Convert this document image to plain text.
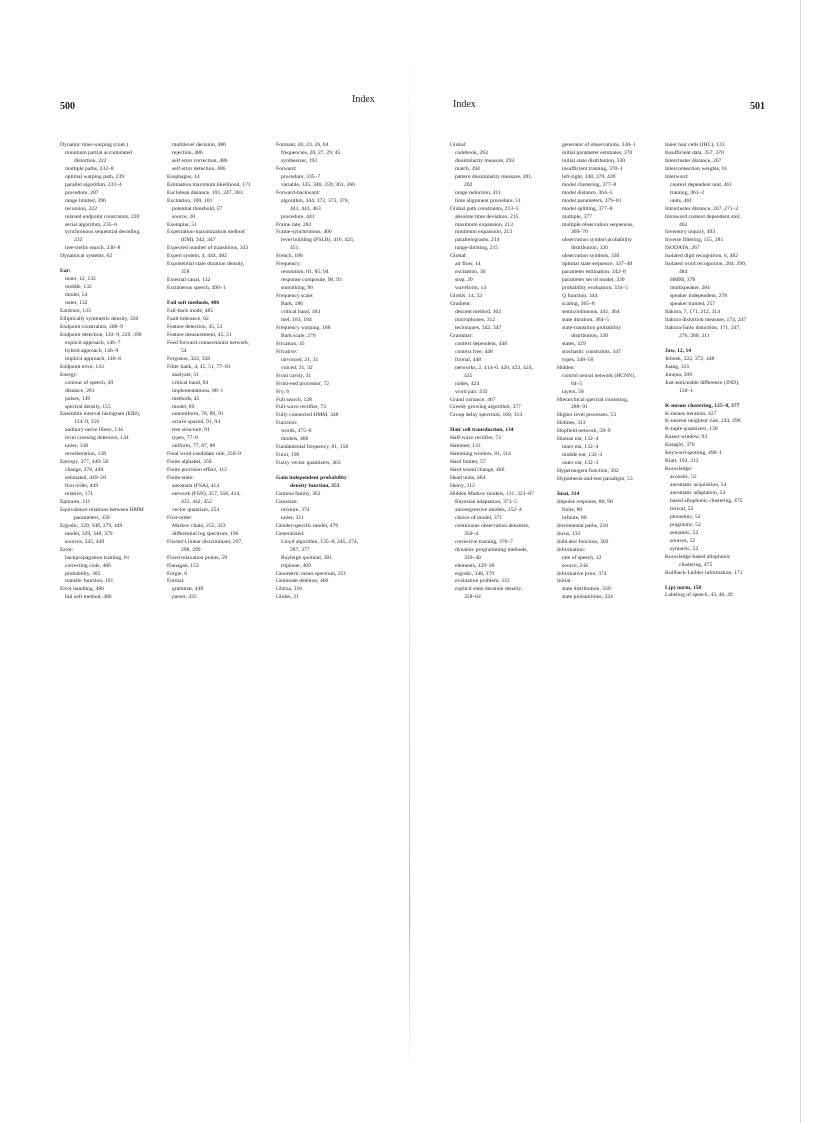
500
Index	Index	501
Dynamic time-warping (cont.)
minimum partial accumulated
distortion, 222
multiple paths, 232–8
optimal warping path, 239
parallel algorithm, 233–4
procedure, 287
range limited, 396
recursion, 222
relaxed endpoint constraints, 230
serial algorithm, 235–6
synchronous sequential decoding,
232
tree-trellis search, 236–8
Dynamical systems, 62
Ear:
inner, 12, 132
middle, 132
model, 54
outer, 132
Eardrum, 133
Elliptically symmetric density, 350
Endpoint constraints, 208–9
Endpoint detection, 143–9, 229, 390
explicit approach, 146–7
hybrid approach, 146–9
implicit approach, 146–8
Endpoint error, 143
Energy:
contour of speech, 49
distance, 281
pulses, 149
spectral density, 155
Ensemble interval histogram (EIH),
134–9, 316
auditory nerve fibers, 134
level crossing detectors, 134
noise, 138
reverberation, 138
Entropy, 377, 449–50
change, 378, 449
estimated, 449–50
first order, 449
relative, 171
Ephraim, 311
Equivalence relations between HMM
parameters, 358
Ergodic, 329, 348, 379, 449
model, 329, 348, 379
sources, 245, 449
Error:
backpropagation training, 61
correcting code, 486
probability, 305
transfer function, 101
Error handling, 486
fail soft method, 486
multilevel decision, 486
rejection, 486
self error correction, 486
self error detection, 486
Esophagus, 14
Estimation maximum likelihood, 171
Euclidean distance, 191, 247, 383
Excitation, 100, 101
potential threshold, 57
source, 20
Exemplar, 51
Expectation-maximization method
(EM), 342, 347
Expected number of transitions, 343
Expert system, 4, 444, 482
Exponential state duration density,
358
External canal, 132
Extraneous speech, 490–1
Fail soft methods, 486
Fall-back mode, 485
Fault tolerance, 62
Feature detection, 45, 53
Feature measurement, 45, 51
Feed forward connectionist network,
54
Ferguson, 322, 358
Filter bank, 4, 45, 51, 77–81
analyzer, 51
critical band, 94
implementations, 80–1
methods, 45
model, 69
nonuniform, 78, 89, 91
octave spaced, 91, 94
tree structure, 91
types, 77–9
uniform, 77, 87, 88
Final word candidate rule, 258–9
Finite alphabet, 350
Finite precision effect, 112
Finite-state:
automata (FSA), 414
network (FSN), 357, 358, 414,
435, 442, 452
vector quantizer, 254
First-order:
Markov chain, 255, 323
differential log spectrum, 196
Fischer's linear discriminant, 297,
298, 299
Fixed relaxation points, 59
Flanagan, 153
Forgie, 6
Formal:
grammar, 448
parser, 435
Formant, 20, 23, 26, 84
frequencies, 20, 27, 29, 45
synthesizer, 192
Forward:
procedure, 335–7
variable, 335, 346, 359, 361, 366
Forward-backward:
algorithm, 344, 372, 373, 376,
441, 443, 463
procedure, 441
Frame rate, 282
Frame-synchronous, 400
level building (FSLB), 416, 423,
451
French, 186
Frequency:
resolution, 81, 85, 94
response composite, 90, 93
smoothing, 96
Frequency scale:
Bark, 186
critical band, 184
mel, 183, 184
Frequency warping, 188
Bark scale, 276
Frication, 45
Fricative:
unvoiced, 21, 31
voiced, 21, 32
Front cavity, 31
Front-end processor, 72
Fry, 6
Full search, 128
Full-wave rectifier, 73
Fully connected HMM, 348
Function:
words, 475–6
models, 460
Fundamental frequency, 81, 158
Furui, 196
Fuzzy vector quantizers, 463
Gain independent probability
density function, 353
Gamma family, 362
Gaussian:
mixture, 374
noise, 311
Gender-specific model, 476
Generalized:
Lloyd algorithm, 125–8, 245, 274,
287, 377
Rayleigh quotient, 301
triphone, 469
Geometric mean spectrum, 251
Geminate deletion, 466
Ghitza, 316
Glides, 21
Global:
codebook, 263
dissimilarity measure, 293
match, 394
pattern dissimilarity measure, 201,
202
range reduction, 411
time alignment procedure, 51
Global path constraints, 213–5
absolute time deviation, 215
maximum expansion, 213
minimum expansion, 213
parallelograms, 214
range-limiting, 215
Glottal:
air flow, 14
excitation, 30
stop, 20
waveform, 14
Glottis, 14, 32
Gradient:
descent method, 303
microphones, 312
techniques, 342, 347
Grammar:
context dependent, 448
context free, 448
formal, 448
networks, 2, 414–6, 420, 423, 424,
435
nodes, 424
word pair, 435
Grand variance, 467
Greedy growing algorithm, 377
Group delay spectrum, 168, 314
Hair cell transduction, 134
Half-wave rectifier, 73
Hammer, 133
Hamming window, 81, 114
Hard limiter, 57
Hard sound change, 466
Head units, 464
Henry, 312
Hidden Markov models, 131, 321–87
Bayesian adaptation, 373–5
autoregressive models, 352–4
choice of model, 371
continuous observation densities,
350–4
corrective training, 376–7
dynamic programming methods,
339–40
elements, 329–30
ergodic, 348, 379
evaluation problem, 333
explicit state duration density,
358–64
generator of observations, 330–1
initial parameter estimates, 370
initial state distribution, 330
insufficient training, 370–1
left-right, 348, 379, 439
model clustering, 377–8
model distance, 364–5
model parameters, 379–81
model splitting, 377–8
multiple, 377
multiple observation sequences,
369–70
observation symbol probability
distribution, 330
observation symbols, 330
optimal state sequence, 337–40
parameter estimation, 342–8
parameter set of model, 330
probability evaluation, 334–5
Q function, 344
scaling, 365–8
semicontinuous, 441, 464
state duration, 384–5
state-transition probability
distribution, 330
states, 329
stochastic constraints, 347
types, 348–50
Hidden:
control neural network (HCNN),
64–5
layers, 58
Hierarchical spectral clustering,
288–91
Higher level processes, 53
Holmes, 313
Hopfield network, 58–9
Human ear, 132–4
inner ear, 132–4
middle ear, 132–3
outer ear, 132–3
Hypertangent function, 302
Hypothesis-and-test paradigm, 53
Imai, 314
Impulse response, 80, 90
finite, 80
infinite, 80
Incremental paths, 210
Incus, 133
Indicator function, 303
Information:
rate of speech, 12
source, 244
Informative prior, 374
Initial:
state distribution, 330
state probabilities, 324
Inner hair cells (IHC), 133
Insufficient data, 357, 370
Intercluster distance, 267
Interconnection weights, 61
Interword:
context dependent unit, 461
training, 461–2
units, 461
Intracluster distance, 267, 271–2
Intraword context dependent unit,
462
Inventory inquiry, 493
Inverse filtering, 155, 281
ISODATA, 267
Isolated digit recognition, 6, 482
Isolated word recognition, 284, 390,
484
HMM, 378
multispeaker, 284
speaker independent, 278
speaker trained, 257
Itakura, 7, 171, 212, 314
Itakura distortion measure, 174, 247
Itakura-Saito distortion, 171, 247,
276, 280, 311
Jaw, 12, 14
Jelinek, 322, 372, 448
Juang, 315
Junqua, 309
Just-noticeable difference (JND),
150–1
K-means clustering, 125–8, 377
K-means iteration, 427
K-nearest neighbor rule, 243, 296
K-tuple quantizers, 130
Kaiser window, 93
Katagiri, 376
Keyword spotting, 490–1
Klatt, 192, 312
Knowledge:
acoustic, 52
automatic acquisition, 54
automatic adaptation, 54
based allophonic clustering, 475
lexical, 52
phonemic, 52
pragmatic, 52
semantic, 52
sources, 52
syntactic, 52
Knowledge-based allophonic
clustering, 475
Kullback-Leibler information, 171
L(p) norm, 158
Labeling of speech, 43, 46, 49
